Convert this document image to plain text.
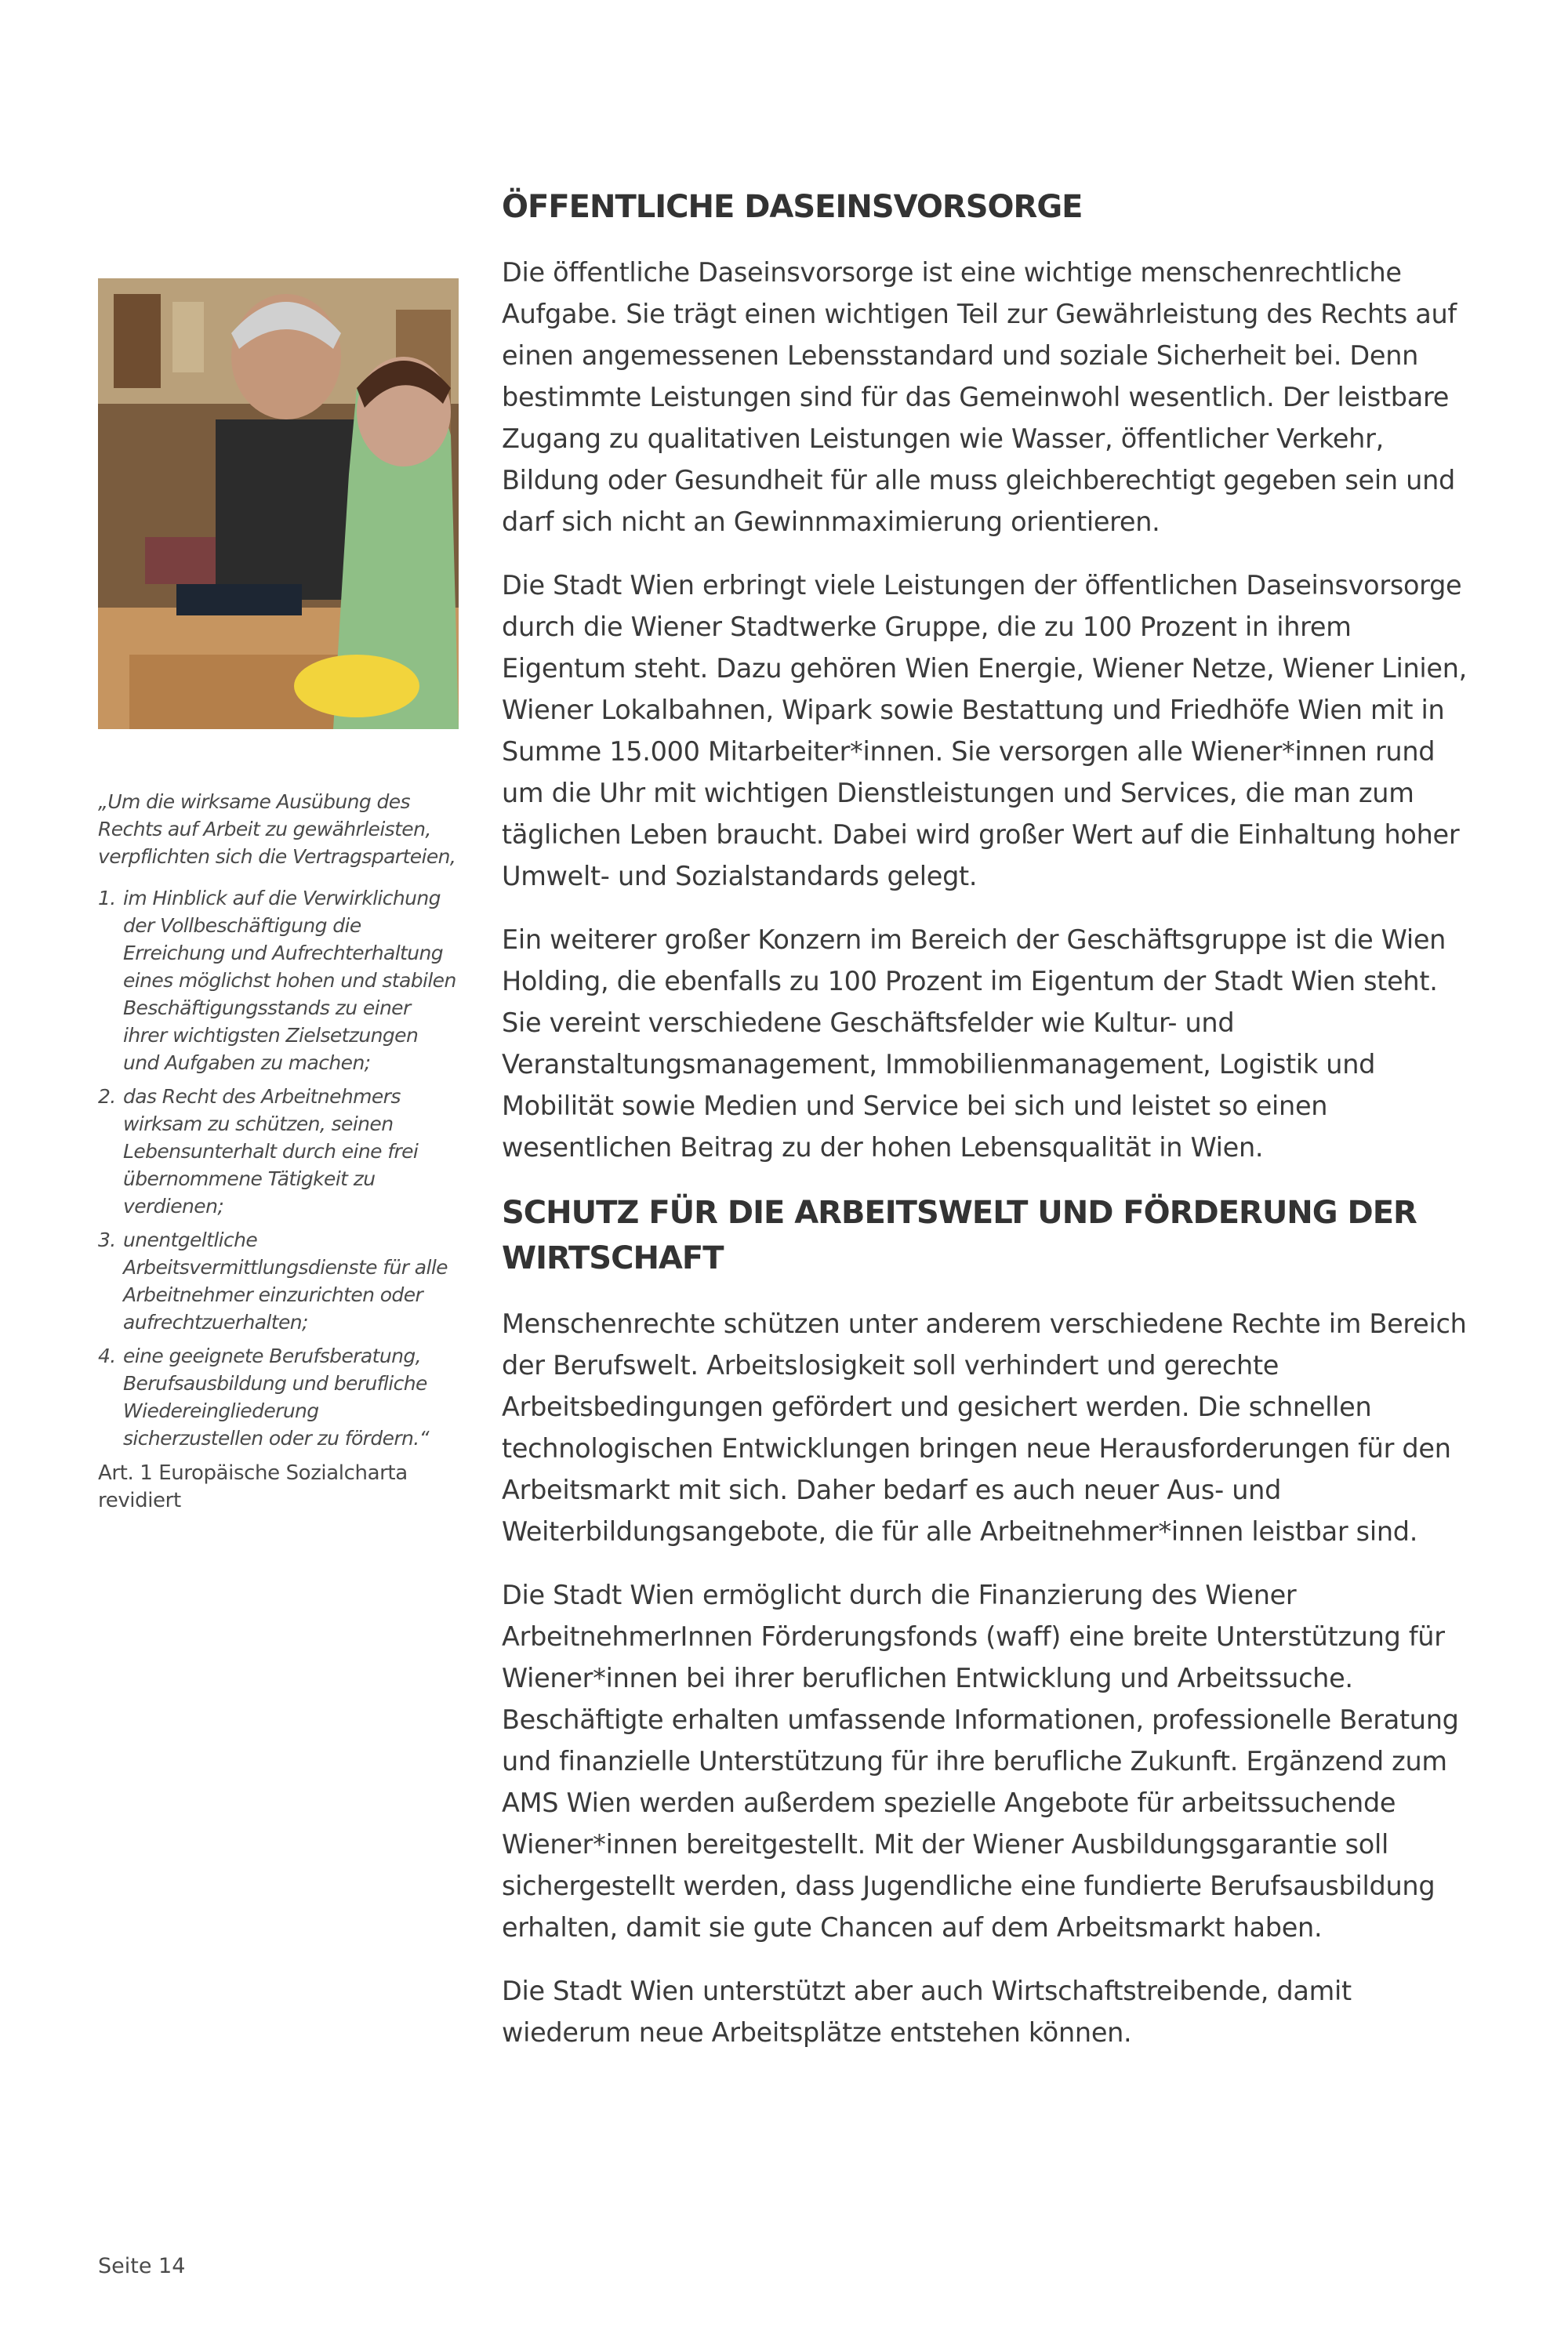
„Um die wirksame Ausübung des Rechts auf Arbeit zu gewährleisten, verpflichten sich die Vertragsparteien,

1. im Hinblick auf die Verwirklichung der Vollbeschäftigung die Erreichung und Aufrechterhaltung eines möglichst hohen und stabilen Beschäftigungsstands zu einer ihrer wichtigsten Zielsetzungen und Aufgaben zu machen;
2. das Recht des Arbeitnehmers wirksam zu schützen, seinen Lebensunterhalt durch eine frei übernommene Tätigkeit zu verdienen;
3. unentgeltliche Arbeitsvermittlungsdienste für alle Arbeitnehmer einzurichten oder aufrechtzuerhalten;
4. eine geeignete Berufsberatung, Berufsausbildung und berufliche Wiedereingliederung sicherzustellen oder zu fördern.“
Art. 1 Europäische Sozialcharta revidiert
ÖFFENTLICHE DASEINSVORSORGE

Die öffentliche Daseinsvorsorge ist eine wichtige menschenrechtliche Aufgabe. Sie trägt einen wichtigen Teil zur Gewährleistung des Rechts auf einen angemessenen Lebensstandard und soziale Sicherheit bei. Denn bestimmte Leistungen sind für das Gemeinwohl wesentlich. Der leistbare Zugang zu qualitativen Leistungen wie Wasser, öffentlicher Verkehr, Bildung oder Gesundheit für alle muss gleichberechtigt gegeben sein und darf sich nicht an Gewinnmaximierung orientieren.

Die Stadt Wien erbringt viele Leistungen der öffentlichen Daseinsvorsorge durch die Wiener Stadtwerke Gruppe, die zu 100 Prozent in ihrem Eigentum steht. Dazu gehören Wien Energie, Wiener Netze, Wiener Linien, Wiener Lokalbahnen, Wipark sowie Bestattung und Friedhöfe Wien mit in Summe 15.000 Mitarbeiter*innen. Sie versorgen alle Wiener*innen rund um die Uhr mit wichtigen Dienstleistungen und Services, die man zum täglichen Leben braucht. Dabei wird großer Wert auf die Einhaltung hoher Umwelt- und Sozialstandards gelegt.

Ein weiterer großer Konzern im Bereich der Geschäftsgruppe ist die Wien Holding, die ebenfalls zu 100 Prozent im Eigentum der Stadt Wien steht. Sie vereint verschiedene Geschäftsfelder wie Kultur- und Veranstaltungsmanagement, Immobilienmanagement, Logistik und Mobilität sowie Medien und Service bei sich und leistet so einen wesentlichen Beitrag zu der hohen Lebensqualität in Wien.

SCHUTZ FÜR DIE ARBEITSWELT UND FÖRDERUNG DER WIRTSCHAFT

Menschenrechte schützen unter anderem verschiedene Rechte im Bereich der Berufswelt. Arbeitslosigkeit soll verhindert und gerechte Arbeitsbedingungen gefördert und gesichert werden. Die schnellen technologischen Entwicklungen bringen neue Herausforderungen für den Arbeitsmarkt mit sich. Daher bedarf es auch neuer Aus- und Weiterbildungsangebote, die für alle Arbeitnehmer*innen leistbar sind.

Die Stadt Wien ermöglicht durch die Finanzierung des Wiener ArbeitnehmerInnen Förderungsfonds (waff) eine breite Unterstützung für Wiener*innen bei ihrer beruflichen Entwicklung und Arbeitssuche. Beschäftigte erhalten umfassende Informationen, professionelle Beratung und finanzielle Unterstützung für ihre berufliche Zukunft. Ergänzend zum AMS Wien werden außerdem spezielle Angebote für arbeitssuchende Wiener*innen bereitgestellt. Mit der Wiener Ausbildungsgarantie soll sichergestellt werden, dass Jugendliche eine fundierte Berufsausbildung erhalten, damit sie gute Chancen auf dem Arbeitsmarkt haben.

Die Stadt Wien unterstützt aber auch Wirtschaftstreibende, damit wiederum neue Arbeitsplätze entstehen können.

Seite 14
